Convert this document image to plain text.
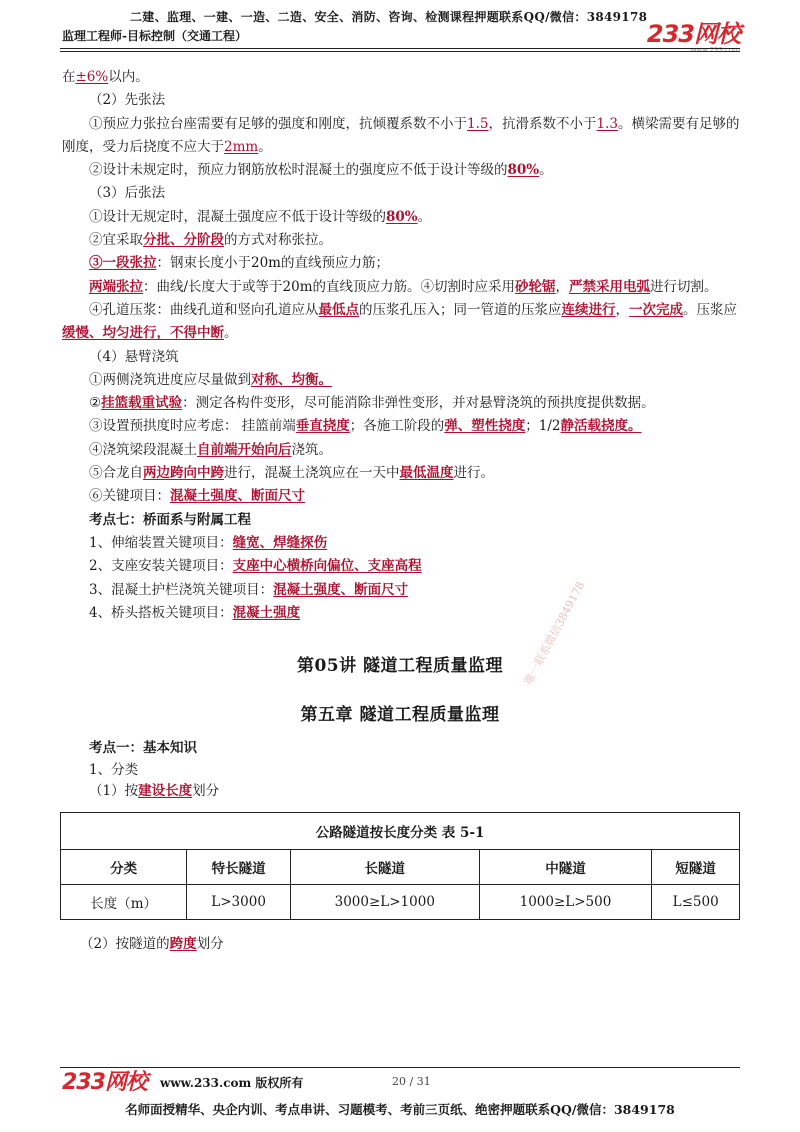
二建、监理、一建、一造、二造、安全、消防、咨询、检测课程押题联系QQ/微信：3849178
监理工程师-目标控制（交通工程）	233网校
www.233.com

在±6%以内。

（2）先张法

①预应力张拉台座需要有足够的强度和刚度，抗倾覆系数不小于1.5，抗滑系数不小于1.3。横梁需要有足够的刚度，受力后挠度不应大于2mm。

②设计未规定时，预应力钢筋放松时混凝土的强度应不低于设计等级的80%。

（3）后张法

①设计无规定时，混凝土强度应不低于设计等级的80%。

②宜采取分批、分阶段的方式对称张拉。

③一段张拉：钢束长度小于20m的直线预应力筋；

两端张拉：曲线/长度大于或等于20m的直线顶应力筋。④切割时应采用砂轮锯，严禁采用电弧进行切割。

④孔道压浆：曲线孔道和竖向孔道应从最低点的压浆孔压入；同一管道的压浆应连续进行，一次完成。压浆应缓慢、均匀进行，不得中断。

（4）悬臂浇筑

①两侧浇筑进度应尽量做到对称、均衡。

②挂篮载重试验：测定各构件变形，尽可能消除非弹性变形，并对悬臂浇筑的预拱度提供数据。

③设置预拱度时应考虑： 挂篮前端垂直挠度；各施工阶段的弹、塑性挠度；1/2静活载挠度。

④浇筑梁段混凝土自前端开始向后浇筑。

⑤合龙自两边跨向中跨进行，混凝土浇筑应在一天中最低温度进行。

⑥关键项目：混凝土强度、断面尺寸

考点七：桥面系与附属工程

1、伸缩装置关键项目：缝宽、焊缝探伤

2、支座安装关键项目：支座中心横桥向偏位、支座高程

3、混凝土护栏浇筑关键项目：混凝土强度、断面尺寸

4、桥头搭板关键项目：混凝土强度

第05讲 隧道工程质量监理
第五章 隧道工程质量监理
唯一联系微信3849178

考点一：基本知识

1、分类

（1）按建设长度划分

公路隧道按长度分类 表 5-1				
分类	特长隧道	长隧道	中隧道	短隧道
长度（m）	L>3000	3000≥L>1000	1000≥L>500	L≤500
（2）按隧道的跨度划分
233网校 www.233.com 版权所有	20 / 31
名师面授精华、央企内训、考点串讲、习题模考、考前三页纸、绝密押题联系QQ/微信：3849178
